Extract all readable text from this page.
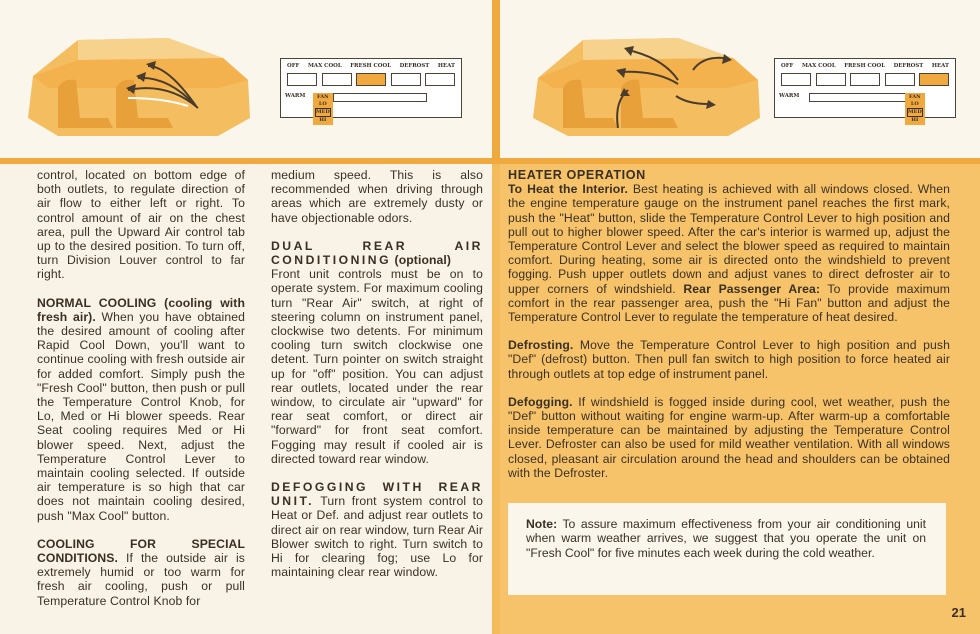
OFF MAX COOL FRESH COOL DEFROST HEAT
WARM	FAN
LO
MED
HI
OFF MAX COOL FRESH COOL DEFROST HEAT
WARM	FAN
LO
MED
HI

control, located on bottom edge of both outlets, to regulate direction of air flow to either left or right. To control amount of air on the chest area, pull the Upward Air control tab up to the desired position. To turn off, turn Division Louver control to far right.

NORMAL COOLING (cooling with fresh air). When you have obtained the desired amount of cooling after Rapid Cool Down, you'll want to continue cooling with fresh outside air for added comfort. Simply push the "Fresh Cool" button, then push or pull the Temperature Control Knob, for Lo, Med or Hi blower speeds. Rear Seat cooling requires Med or Hi blower speed. Next, adjust the Temperature Control Lever to maintain cooling selected. If outside air temperature is so high that car does not maintain cooling desired, push "Max Cool" button.

COOLING FOR SPECIAL CONDITIONS. If the outside air is extremely humid or too warm for fresh air cooling, push or pull Temperature Control Knob for

medium speed. This is also recommended when driving through areas which are extremely dusty or have objectionable odors.

DUAL REAR AIR CONDITIONING (optional)

Front unit controls must be on to operate system. For maximum cooling turn "Rear Air" switch, at right of steering column on instrument panel, clockwise two detents. For minimum cooling turn switch clockwise one detent. Turn pointer on switch straight up for "off" position. You can adjust rear outlets, located under the rear window, to circulate air "upward" for rear seat comfort, or direct air "forward" for front seat comfort. Fogging may result if cooled air is directed toward rear window.

DEFOGGING WITH REAR UNIT. Turn front system control to Heat or Def. and adjust rear outlets to direct air on rear window, turn Rear Air Blower switch to right. Turn switch to Hi for clearing fog; use Lo for maintaining clear rear window.

HEATER OPERATION

To Heat the Interior. Best heating is achieved with all windows closed. When the engine temperature gauge on the instrument panel reaches the first mark, push the "Heat" button, slide the Temperature Control Lever to high position and pull out to higher blower speed. After the car's interior is warmed up, adjust the Temperature Control Lever and select the blower speed as required to maintain comfort. During heating, some air is directed onto the windshield to prevent fogging. Push upper outlets down and adjust vanes to direct defroster air to upper corners of windshield. Rear Passenger Area: To provide maximum comfort in the rear passenger area, push the "Hi Fan" button and adjust the Temperature Control Lever to regulate the temperature of heat desired.

Defrosting. Move the Temperature Control Lever to high position and push "Def" (defrost) button. Then pull fan switch to high position to force heated air through outlets at top edge of instrument panel.

Defogging. If windshield is fogged inside during cool, wet weather, push the "Def" button without waiting for engine warm-up. After warm-up a comfortable inside temperature can be maintained by adjusting the Temperature Control Lever. Defroster can also be used for mild weather ventilation. With all windows closed, pleasant air circulation around the head and shoulders can be obtained with the Defroster.

Note: To assure maximum effectiveness from your air conditioning unit when warm weather arrives, we suggest that you operate the unit on "Fresh Cool" for five minutes each week during the cold weather.

21
